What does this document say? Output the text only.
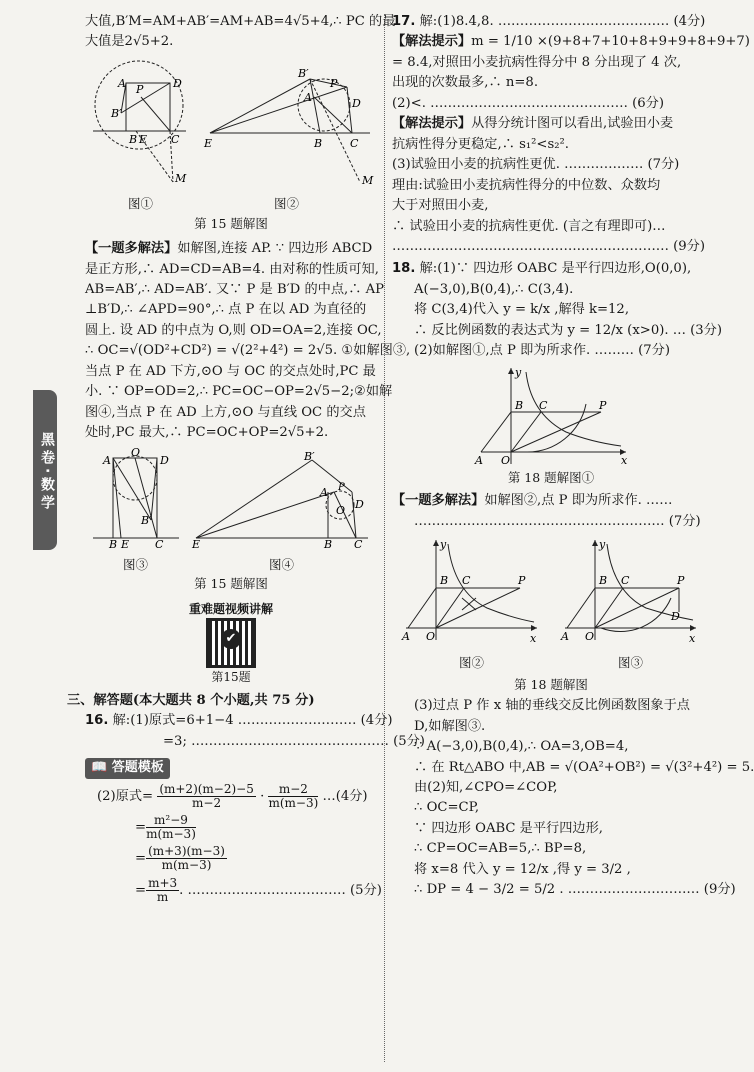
黑卷·数学

大值,B′M=AM+AB′=AM+AB=4√5+4,∴ PC 的最

大值是2√5+2.

A	D
P
B′
B E C
M
图①
E
B′
P
A	D
B	C
M
图②
第 15 题解图

【一题多解法】如解图,连接 AP. ∵ 四边形 ABCD

是正方形,∴ AD=CD=AB=4. 由对称的性质可知,

AB=AB′,∴ AD=AB′. 又∵ P 是 B′D 的中点,∴ AP

⊥B′D,∴ ∠APD=90°,∴ 点 P 在以 AD 为直径的

圆上. 设 AD 的中点为 O,则 OD=OA=2,连接 OC,

∴ OC=√(OD²+CD²) = √(2²+4²) = 2√5. ①如解图③,

当点 P 在 AD 下方,⊙O 与 OC 的交点处时,PC 最

小. ∵ OP=OD=2,∴ PC=OC−OP=2√5−2;②如解

图④,当点 P 在 AD 上方,⊙O 与直线 OC 的交点

处时,PC 最大,∴ PC=OC+OP=2√5+2.

A
O
D
B′
B E C
图③
E
B′
A P
O D
B C
图④
第 15 题解图
重难题视频讲解
✔
第15题

三、解答题(本大题共 8 个小题,共 75 分)

16. 解:(1)原式=6+1−4 ……………………… (4分)

=3; ……………………………………… (5分)

📖 答题模板

(2)原式= $\frac{(m+2)(m-2)-5}{m-2} \cdot \frac{m-2}{m(m-3)}$ …(4分)

= $\frac{\text{m²−9}}{m(m-3)}$

= $\frac{(m+3)(m-3)}{m(m-3)}$

= $\frac{m+3}{m}$ . ……………………………… (5分)

17. 解:(1)8.4,8. ………………………………… (4分)

【解法提示】m = 1/10 ×(9+8+7+10+8+9+9+8+9+7)

= 8.4,对照田小麦抗病性得分中 8 分出现了 4 次,

出现的次数最多,∴ n=8.

(2)<. ……………………………………… (6分)

【解法提示】从得分统计图可以看出,试验田小麦

抗病性得分更稳定,∴ s₁²<s₂².

(3)试验田小麦的抗病性更优. ……………… (7分)

理由:试验田小麦抗病性得分的中位数、众数均

大于对照田小麦,

∴ 试验田小麦的抗病性更优. (言之有理即可)…

……………………………………………………… (9分)

18. 解:(1)∵ 四边形 OABC 是平行四边形,O(0,0),

A(−3,0),B(0,4),∴ C(3,4).

将 C(3,4)代入 y = k/x ,解得 k=12,

∴ 反比例函数的表达式为 y = 12/x (x>0). … (3分)

(2)如解图①,点 P 即为所求作. ……… (7分)

y
x
A O
B C	P
第 18 题解图①

【一题多解法】如解图②,点 P 即为所求作. ……

………………………………………………… (7分)

y
x
A O
B C	P
图②
y
x
A O
B C	P
D
图③
第 18 题解图

(3)过点 P 作 x 轴的垂线交反比例函数图象于点

D,如解图③.

∵ A(−3,0),B(0,4),∴ OA=3,OB=4,

∴ 在 Rt△ABO 中,AB = √(OA²+OB²) = √(3²+4²) = 5.

由(2)知,∠CPO=∠COP,

∴ OC=CP,

∵ 四边形 OABC 是平行四边形,

∴ CP=OC=AB=5,∴ BP=8,

将 x=8 代入 y = 12/x ,得 y = 3/2 ,

∴ DP = 4 − 3/2 = 5/2 . ………………………… (9分)
